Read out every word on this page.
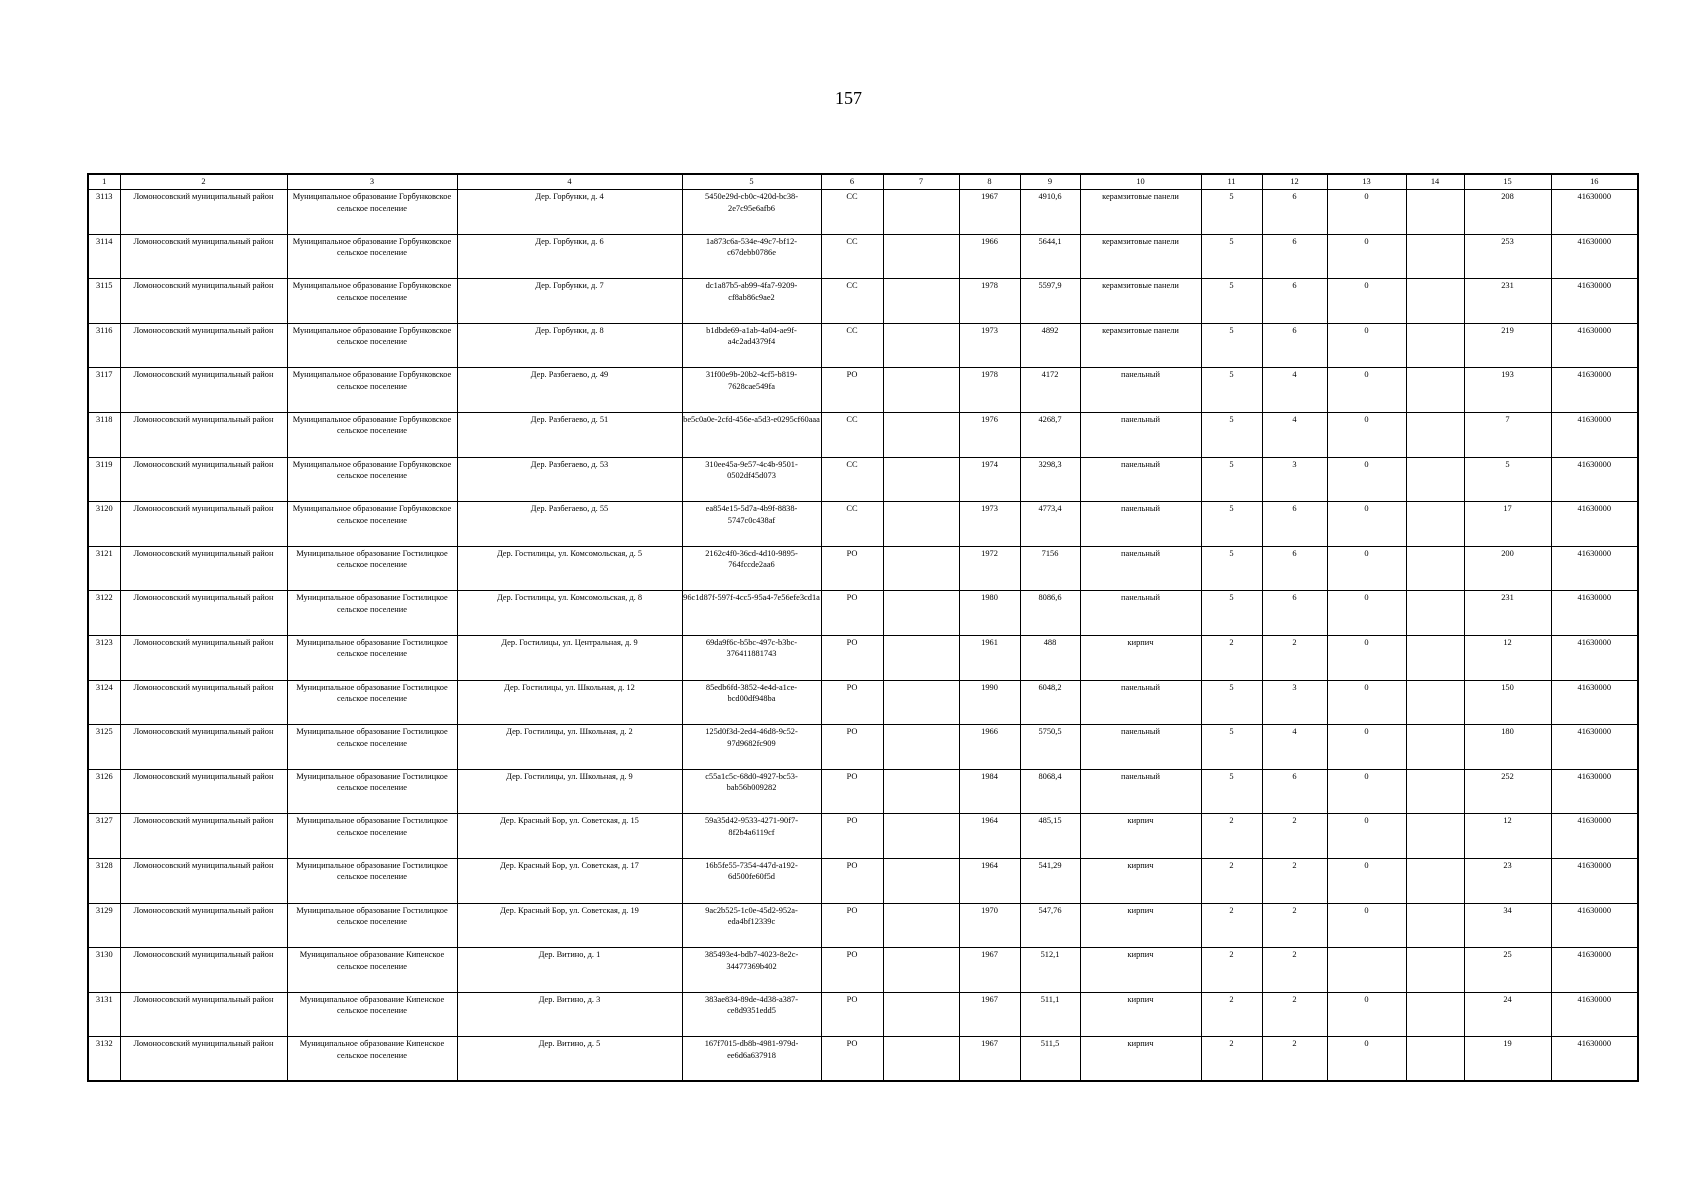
157
1	2	3	4	5	6	7	8	9	10	11	12	13	14	15	16
3113	Ломоносовский муниципальный район	Муниципальное образование Горбунковское сельское поселение	Дер. Горбунки, д. 4	5450e29d-cb0c-420d-bc38-2e7c95e6afb6	СС		1967	4910,6	керамзитовые панели	5	6	0		208	41630000
3114	Ломоносовский муниципальный район	Муниципальное образование Горбунковское сельское поселение	Дер. Горбунки, д. 6	1a873c6a-534e-49c7-bf12-c67debb0786e	СС		1966	5644,1	керамзитовые панели	5	6	0		253	41630000
3115	Ломоносовский муниципальный район	Муниципальное образование Горбунковское сельское поселение	Дер. Горбунки, д. 7	dc1a87b5-ab99-4fa7-9209-cf8ab86c9ae2	СС		1978	5597,9	керамзитовые панели	5	6	0		231	41630000
3116	Ломоносовский муниципальный район	Муниципальное образование Горбунковское сельское поселение	Дер. Горбунки, д. 8	b1dbde69-a1ab-4a04-ae9f-a4c2ad4379f4	СС		1973	4892	керамзитовые панели	5	6	0		219	41630000
3117	Ломоносовский муниципальный район	Муниципальное образование Горбунковское сельское поселение	Дер. Разбегаево, д. 49	31f00e9b-20b2-4cf5-b819-7628cae549fa	РО		1978	4172	панельный	5	4	0		193	41630000
3118	Ломоносовский муниципальный район	Муниципальное образование Горбунковское сельское поселение	Дер. Разбегаево, д. 51	be5c0a0e-2cfd-456e-a5d3-e0295cf60aaa	СС		1976	4268,7	панельный	5	4	0		7	41630000
3119	Ломоносовский муниципальный район	Муниципальное образование Горбунковское сельское поселение	Дер. Разбегаево, д. 53	310ee45a-9e57-4c4b-9501-0502df45d073	СС		1974	3298,3	панельный	5	3	0		5	41630000
3120	Ломоносовский муниципальный район	Муниципальное образование Горбунковское сельское поселение	Дер. Разбегаево, д. 55	ea854e15-5d7a-4b9f-8838-5747c0c438af	СС		1973	4773,4	панельный	5	6	0		17	41630000
3121	Ломоносовский муниципальный район	Муниципальное образование Гостилицкое сельское поселение	Дер. Гостилицы, ул. Комсомольская, д. 5	2162c4f0-36cd-4d10-9895-764fccde2aa6	РО		1972	7156	панельный	5	6	0		200	41630000
3122	Ломоносовский муниципальный район	Муниципальное образование Гостилицкое сельское поселение	Дер. Гостилицы, ул. Комсомольская, д. 8	96c1d87f-597f-4cc5-95a4-7e56efe3cd1a	РО		1980	8086,6	панельный	5	6	0		231	41630000
3123	Ломоносовский муниципальный район	Муниципальное образование Гостилицкое сельское поселение	Дер. Гостилицы, ул. Центральная, д. 9	69da9f6c-b5bc-497c-b3bc-376411881743	РО		1961	488	кирпич	2	2	0		12	41630000
3124	Ломоносовский муниципальный район	Муниципальное образование Гостилицкое сельское поселение	Дер. Гостилицы, ул. Школьная, д. 12	85edb6fd-3852-4e4d-a1ce-bcd00df948ba	РО		1990	6048,2	панельный	5	3	0		150	41630000
3125	Ломоносовский муниципальный район	Муниципальное образование Гостилицкое сельское поселение	Дер. Гостилицы, ул. Школьная, д. 2	125d0f3d-2ed4-46d8-9c52-97d9682fc909	РО		1966	5750,5	панельный	5	4	0		180	41630000
3126	Ломоносовский муниципальный район	Муниципальное образование Гостилицкое сельское поселение	Дер. Гостилицы, ул. Школьная, д. 9	c55a1c5c-68d0-4927-bc53-bab56b009282	РО		1984	8068,4	панельный	5	6	0		252	41630000
3127	Ломоносовский муниципальный район	Муниципальное образование Гостилицкое сельское поселение	Дер. Красный Бор, ул. Советская, д. 15	59a35d42-9533-4271-90f7-8f2b4a6119cf	РО		1964	485,15	кирпич	2	2	0		12	41630000
3128	Ломоносовский муниципальный район	Муниципальное образование Гостилицкое сельское поселение	Дер. Красный Бор, ул. Советская, д. 17	16b5fe55-7354-447d-a192-6d500fe60f5d	РО		1964	541,29	кирпич	2	2	0		23	41630000
3129	Ломоносовский муниципальный район	Муниципальное образование Гостилицкое сельское поселение	Дер. Красный Бор, ул. Советская, д. 19	9ac2b525-1c0e-45d2-952a-eda4bf12339c	РО		1970	547,76	кирпич	2	2	0		34	41630000
3130	Ломоносовский муниципальный район	Муниципальное образование Кипенское сельское поселение	Дер. Витино, д. 1	385493e4-bdb7-4023-8e2c-34477369b402	РО		1967	512,1	кирпич	2	2			25	41630000
3131	Ломоносовский муниципальный район	Муниципальное образование Кипенское сельское поселение	Дер. Витино, д. 3	383ae834-89de-4d38-a387-ce8d9351edd5	РО		1967	511,1	кирпич	2	2	0		24	41630000
3132	Ломоносовский муниципальный район	Муниципальное образование Кипенское сельское поселение	Дер. Витино, д. 5	167f7015-db8b-4981-979d-ee6d6a637918	РО		1967	511,5	кирпич	2	2	0		19	41630000
